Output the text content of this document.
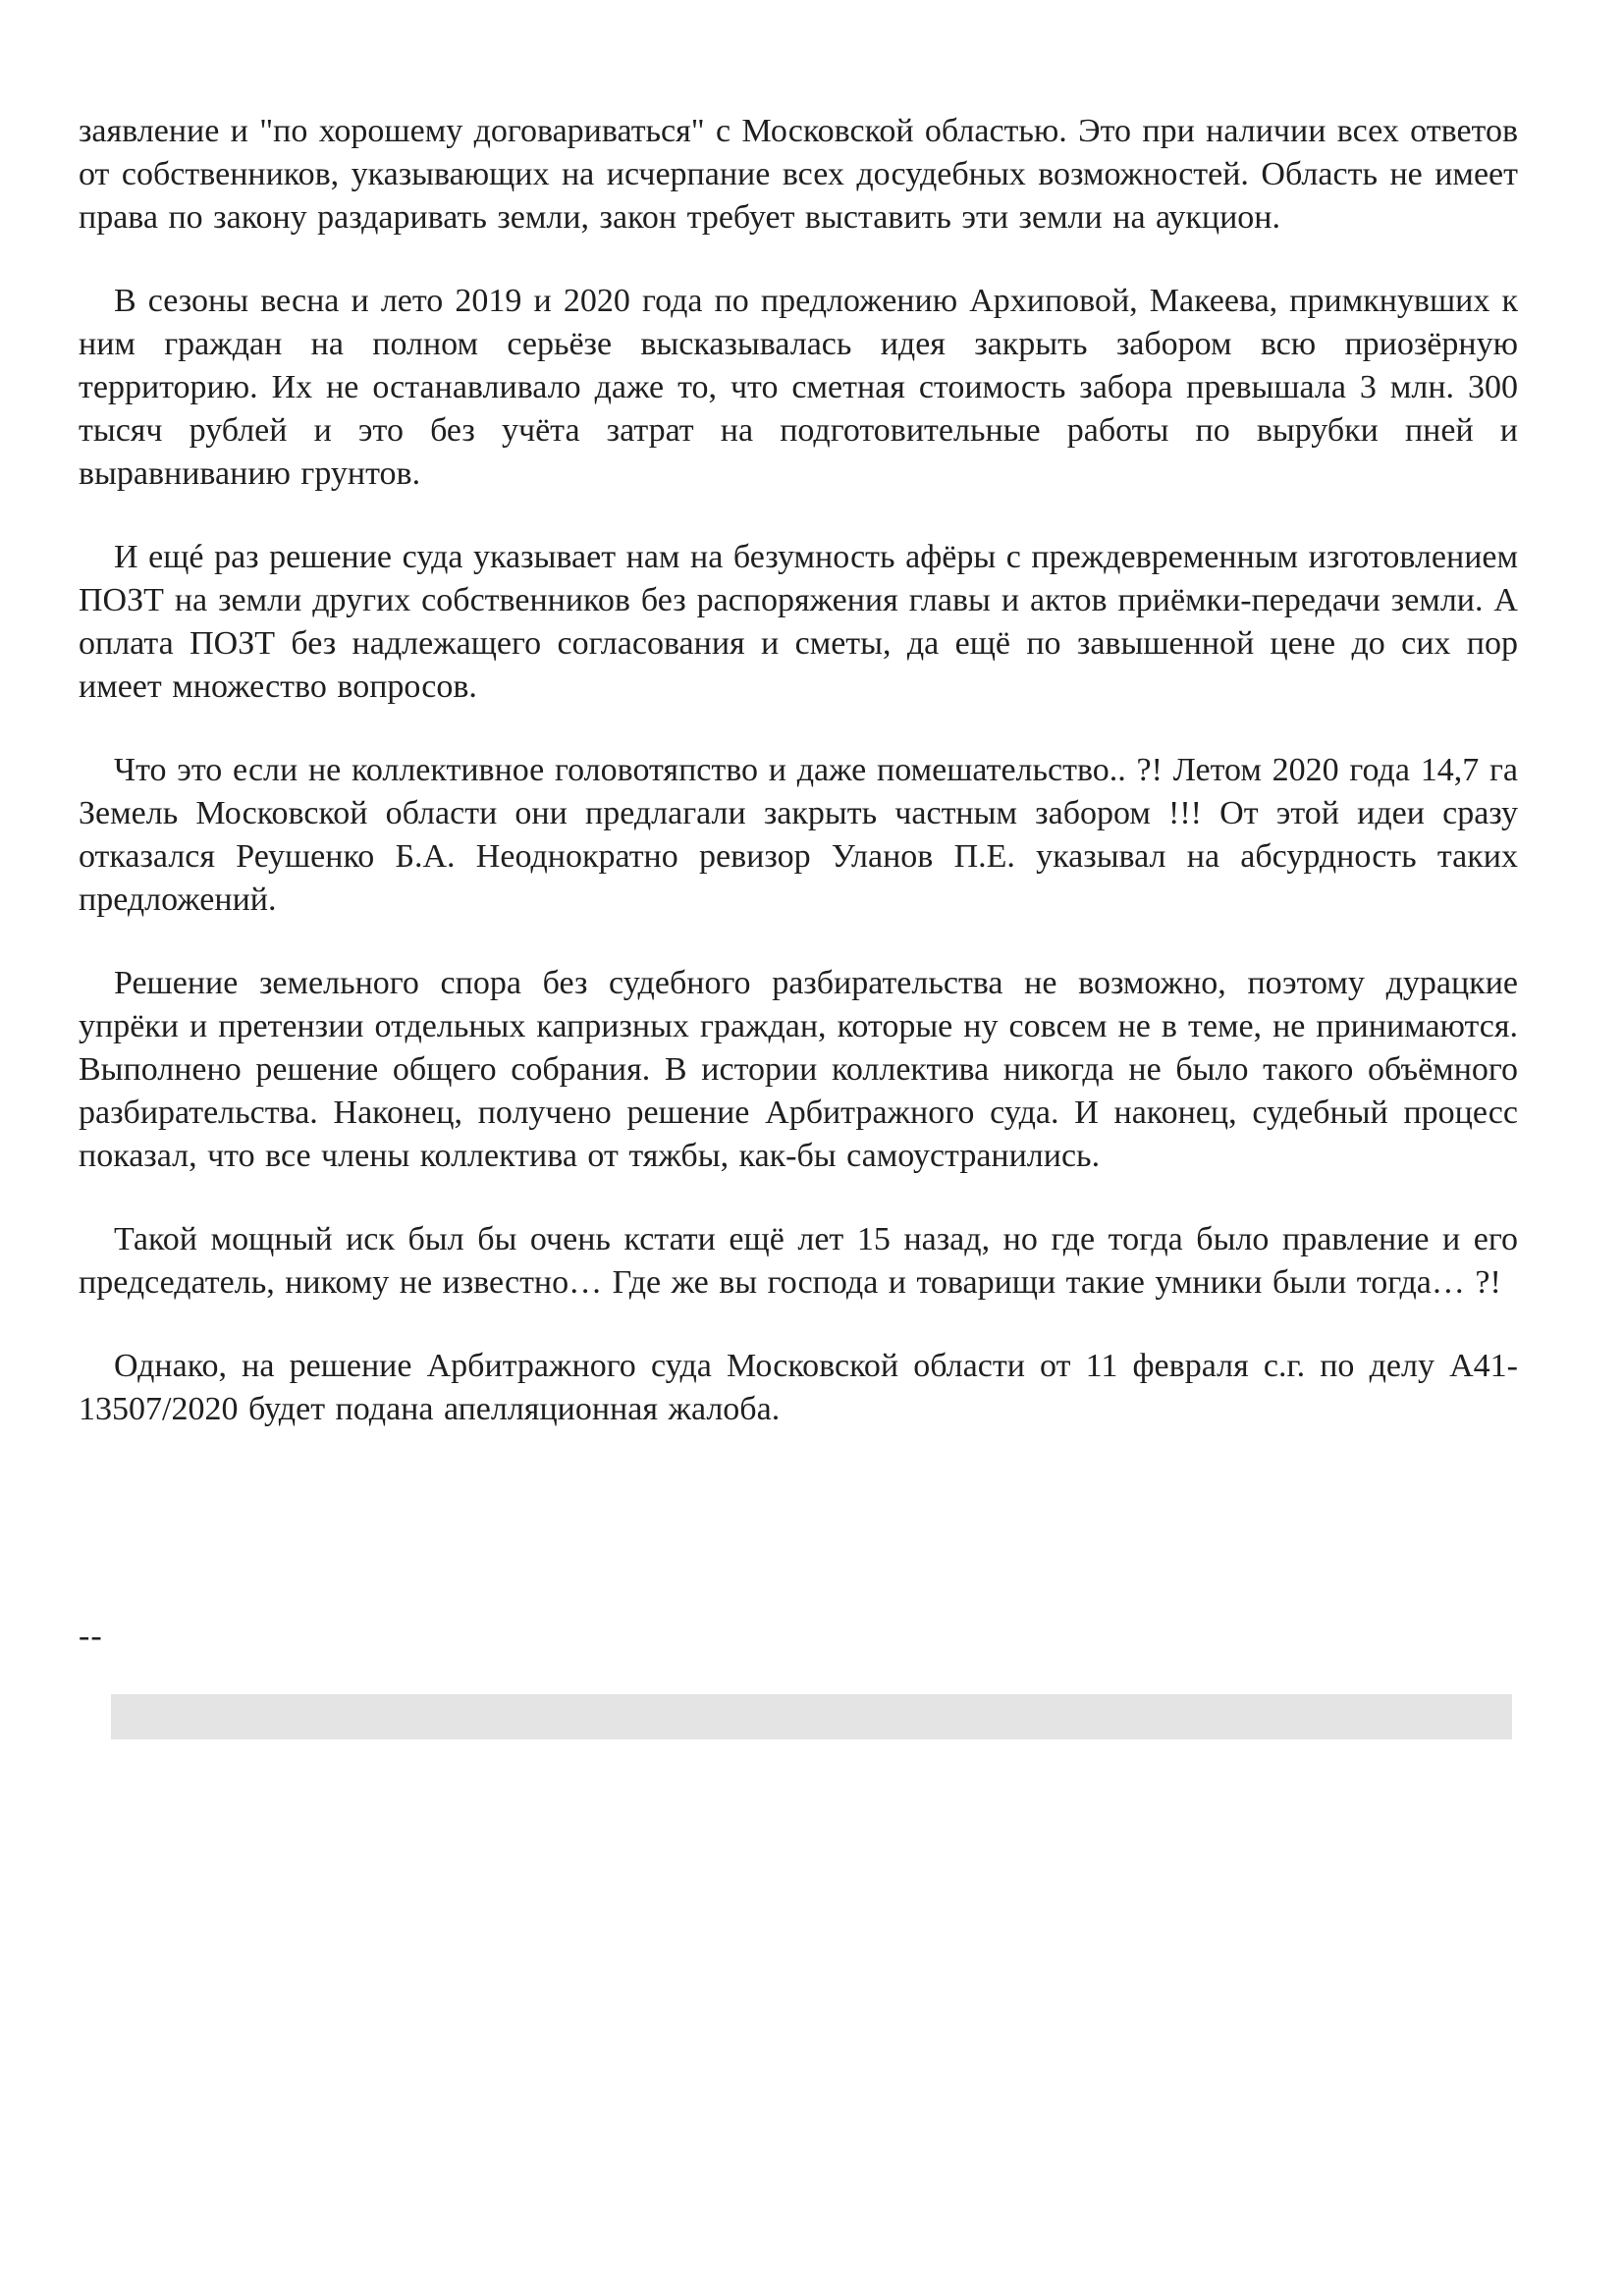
заявление и "по хорошему договариваться" с Московской областью. Это при наличии всех ответов от собственников, указывающих на исчерпание всех досудебных возможностей. Область не имеет права по закону раздаривать земли, закон требует выставить эти земли на аукцион.

В сезоны весна и лето 2019 и 2020 года по предложению Архиповой, Макеева, примкнувших к ним граждан на полном серьёзе высказывалась идея закрыть забором всю приозёрную территорию. Их не останавливало даже то, что сметная стоимость забора превышала 3 млн. 300 тысяч рублей и это без учёта затрат на подготовительные работы по вырубки пней и выравниванию грунтов.

И ещé раз решение суда указывает нам на безумность афёры с преждевременным изготовлением ПОЗТ на земли других собственников без распоряжения главы и актов приёмки-передачи земли. А оплата ПОЗТ без надлежащего согласования и сметы, да ещё по завышенной цене до сих пор имеет множество вопросов.

Что это если не коллективное головотяпство и даже помешательство.. ?! Летом 2020 года 14,7 га Земель Московской области они предлагали закрыть частным забором !!! От этой идеи сразу отказался Реушенко Б.А. Неоднократно ревизор Уланов П.Е. указывал на абсурдность таких предложений.

Решение земельного спора без судебного разбирательства не возможно, поэтому дурацкие упрёки и претензии отдельных капризных граждан, которые ну совсем не в теме, не принимаются. Выполнено решение общего собрания. В истории коллектива никогда не было такого объёмного разбирательства. Наконец, получено решение Арбитражного суда. И наконец, судебный процесс показал, что все члены коллектива от тяжбы, как-бы самоустранились.

Такой мощный иск был бы очень кстати ещё лет 15 назад, но где тогда было правление и его председатель, никому не известно… Где же вы господа и товарищи такие умники были тогда… ?!

Однако, на решение Арбитражного суда Московской области от 11 февраля с.г. по делу А41-13507/2020 будет подана апелляционная жалоба.

--
